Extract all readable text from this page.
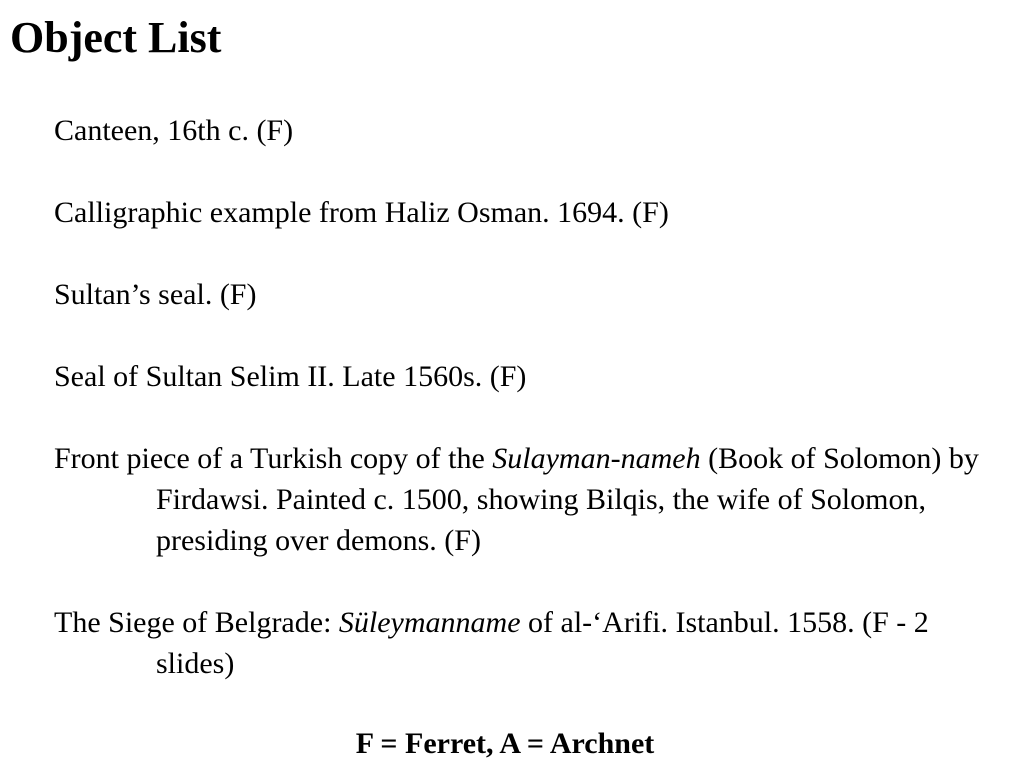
Object List
Canteen, 16th c. (F)
Calligraphic example from Haliz Osman. 1694. (F)
Sultan’s seal. (F)
Seal of Sultan Selim II. Late 1560s. (F)
Front piece of a Turkish copy of the Sulayman-nameh (Book of Solomon) by Firdawsi. Painted c. 1500, showing Bilqis, the wife of Solomon, presiding over demons. (F)
The Siege of Belgrade: Süleymanname of al-‘Arifi. Istanbul. 1558. (F - 2 slides)

F = Ferret, A = Archnet
